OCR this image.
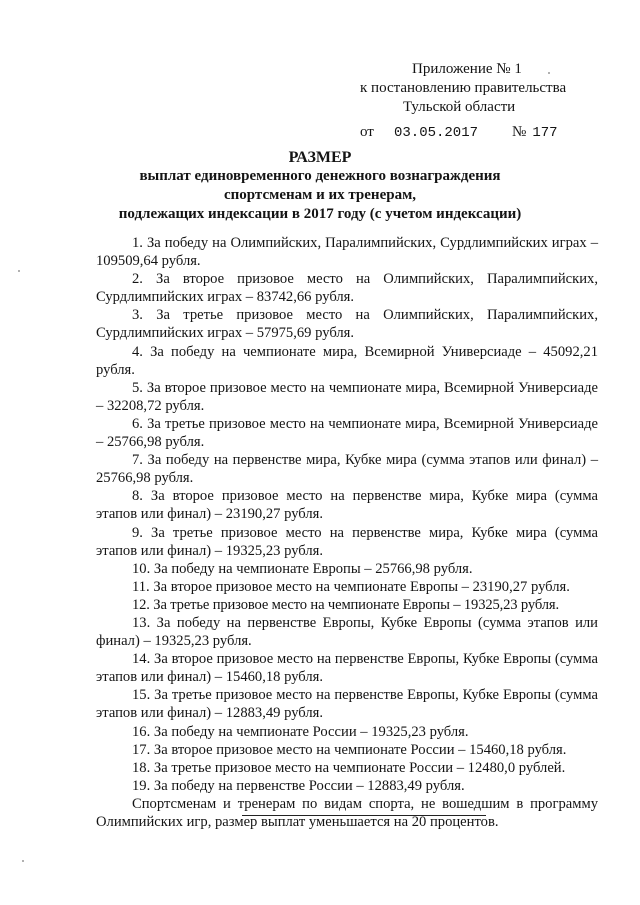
Приложение № 1
к постановлению правительства
Тульской области
от	03.05.2017	№ 177
РАЗМЕР
выплат единовременного денежного вознаграждения
спортсменам и их тренерам,
подлежащих индексации в 2017 году (с учетом индексации)

1. За победу на Олимпийских, Паралимпийских, Сурдлимпийских играх – 109509,64 рубля.

2. За второе призовое место на Олимпийских, Паралимпийских, Сурдлимпийских играх – 83742,66 рубля.

3. За третье призовое место на Олимпийских, Паралимпийских, Сурдлимпийских играх – 57975,69 рубля.

4. За победу на чемпионате мира, Всемирной Универсиаде – 45092,21 рубля.

5. За второе призовое место на чемпионате мира, Всемирной Универсиаде – 32208,72 рубля.

6. За третье призовое место на чемпионате мира, Всемирной Универсиаде – 25766,98 рубля.

7. За победу на первенстве мира, Кубке мира (сумма этапов или финал) – 25766,98 рубля.

8. За второе призовое место на первенстве мира, Кубке мира (сумма этапов или финал) – 23190,27 рубля.

9. За третье призовое место на первенстве мира, Кубке мира (сумма этапов или финал) – 19325,23 рубля.

10. За победу на чемпионате Европы – 25766,98 рубля.

11. За второе призовое место на чемпионате Европы – 23190,27 рубля.

12. За третье призовое место на чемпионате Европы – 19325,23 рубля.

13. За победу на первенстве Европы, Кубке Европы (сумма этапов или финал) – 19325,23 рубля.

14. За второе призовое место на первенстве Европы, Кубке Европы (сумма этапов или финал) – 15460,18 рубля.

15. За третье призовое место на первенстве Европы, Кубке Европы (сумма этапов или финал) – 12883,49 рубля.

16. За победу на чемпионате России – 19325,23 рубля.

17. За второе призовое место на чемпионате России – 15460,18 рубля.

18. За третье призовое место на чемпионате России – 12480,0 рублей.

19. За победу на первенстве России – 12883,49 рубля.

Спортсменам и тренерам по видам спорта, не вошедшим в программу Олимпийских игр, размер выплат уменьшается на 20 процентов.
